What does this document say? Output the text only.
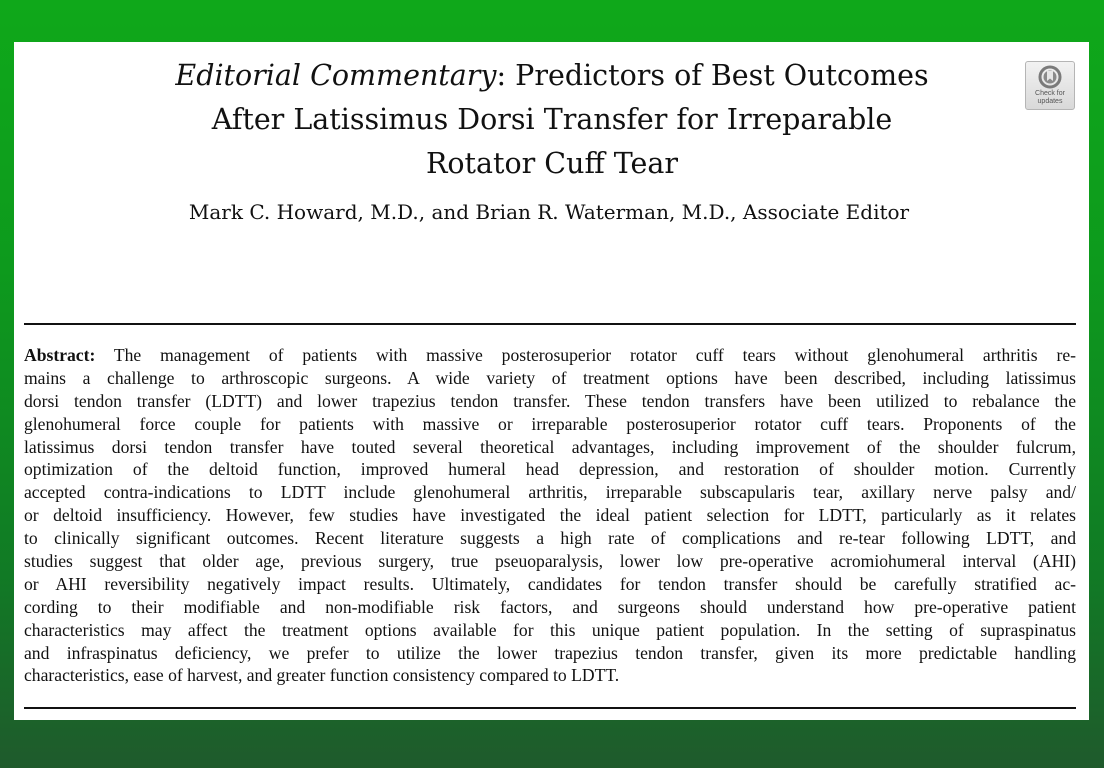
Editorial Commentary: Predictors of Best Outcomes
After Latissimus Dorsi Transfer for Irreparable
Rotator Cuff Tear
Check for
updates

Mark C. Howard, M.D., and Brian R. Waterman, M.D., Associate Editor

Abstract: The management of patients with massive posterosuperior rotator cuff tears without glenohumeral arthritis re-
mains a challenge to arthroscopic surgeons. A wide variety of treatment options have been described, including latissimus
dorsi tendon transfer (LDTT) and lower trapezius tendon transfer. These tendon transfers have been utilized to rebalance the
glenohumeral force couple for patients with massive or irreparable posterosuperior rotator cuff tears. Proponents of the
latissimus dorsi tendon transfer have touted several theoretical advantages, including improvement of the shoulder fulcrum,
optimization of the deltoid function, improved humeral head depression, and restoration of shoulder motion. Currently
accepted contra-indications to LDTT include glenohumeral arthritis, irreparable subscapularis tear, axillary nerve palsy and/
or deltoid insufficiency. However, few studies have investigated the ideal patient selection for LDTT, particularly as it relates
to clinically significant outcomes. Recent literature suggests a high rate of complications and re-tear following LDTT, and
studies suggest that older age, previous surgery, true pseuoparalysis, lower low pre-operative acromiohumeral interval (AHI)
or AHI reversibility negatively impact results. Ultimately, candidates for tendon transfer should be carefully stratified ac-
cording to their modifiable and non-modifiable risk factors, and surgeons should understand how pre-operative patient
characteristics may affect the treatment options available for this unique patient population. In the setting of supraspinatus
and infraspinatus deficiency, we prefer to utilize the lower trapezius tendon transfer, given its more predictable handling
characteristics, ease of harvest, and greater function consistency compared to LDTT.
